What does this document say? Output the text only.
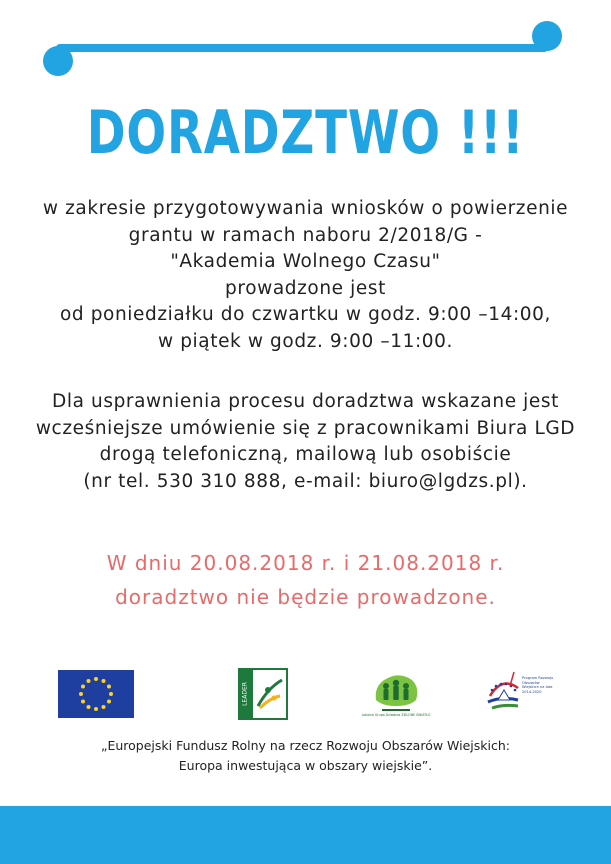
DORADZTWO !!!
w zakresie przygotowywania wniosków o powierzenie
grantu w ramach naboru 2/2018/G -
"Akademia Wolnego Czasu"
prowadzone jest
od poniedziałku do czwartku w godz. 9:00 –14:00,
w piątek w godz. 9:00 –11:00.
Dla usprawnienia procesu doradztwa wskazane jest
wcześniejsze umówienie się z pracownikami Biura LGD
drogą telefoniczną, mailową lub osobiście
(nr tel. 530 310 888, e-mail: biuro@lgdzs.pl).
W dniu 20.08.2018 r. i 21.08.2018 r.
doradztwo nie będzie prowadzone.
LEADER
Lokalna Grupa Działania ZIELONE ŚWIATŁO
Program Rozwoju Obszarów Wiejskich na lata 2014-2020
„Europejski Fundusz Rolny na rzecz Rozwoju Obszarów Wiejskich:
Europa inwestująca w obszary wiejskie”.
